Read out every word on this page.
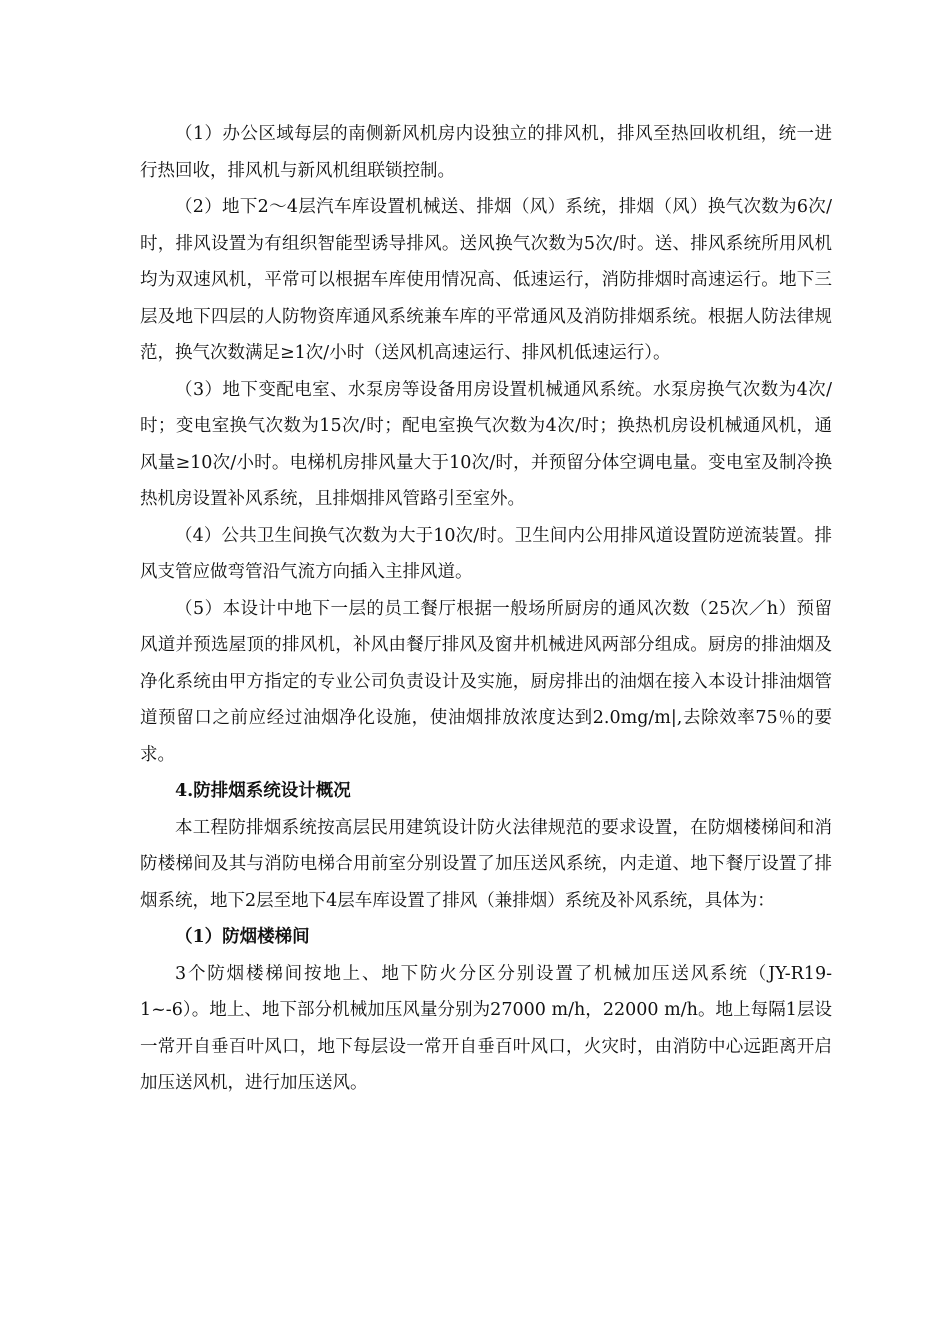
（1）办公区域每层的南侧新风机房内设独立的排风机，排风至热回收机组，统一进行热回收，排风机与新风机组联锁控制。

（2）地下2～4层汽车库设置机械送、排烟（风）系统，排烟（风）换气次数为6次/时，排风设置为有组织智能型诱导排风。送风换气次数为5次/时。送、排风系统所用风机均为双速风机，平常可以根据车库使用情况高、低速运行，消防排烟时高速运行。地下三层及地下四层的人防物资库通风系统兼车库的平常通风及消防排烟系统。根据人防法律规范，换气次数满足≥1次/小时（送风机高速运行、排风机低速运行）。

（3）地下变配电室、水泵房等设备用房设置机械通风系统。水泵房换气次数为4次/时；变电室换气次数为15次/时；配电室换气次数为4次/时；换热机房设机械通风机，通风量≥10次/小时。电梯机房排风量大于10次/时，并预留分体空调电量。变电室及制冷换热机房设置补风系统，且排烟排风管路引至室外。

（4）公共卫生间换气次数为大于10次/时。卫生间内公用排风道设置防逆流装置。排风支管应做弯管沿气流方向插入主排风道。

（5）本设计中地下一层的员工餐厅根据一般场所厨房的通风次数（25次／h）预留风道并预选屋顶的排风机，补风由餐厅排风及窗井机械进风两部分组成。厨房的排油烟及净化系统由甲方指定的专业公司负责设计及实施，厨房排出的油烟在接入本设计排油烟管道预留口之前应经过油烟净化设施，使油烟排放浓度达到2.0mg/m|,去除效率75％的要求。

4.防排烟系统设计概况

本工程防排烟系统按高层民用建筑设计防火法律规范的要求设置，在防烟楼梯间和消防楼梯间及其与消防电梯合用前室分别设置了加压送风系统，内走道、地下餐厅设置了排烟系统，地下2层至地下4层车库设置了排风（兼排烟）系统及补风系统，具体为：

（1）防烟楼梯间

3个防烟楼梯间按地上、地下防火分区分别设置了机械加压送风系统（JY-R19-1~-6）。地上、地下部分机械加压风量分别为27000 m/h，22000 m/h。地上每隔1层设一常开自垂百叶风口，地下每层设一常开自垂百叶风口，火灾时，由消防中心远距离开启加压送风机，进行加压送风。
